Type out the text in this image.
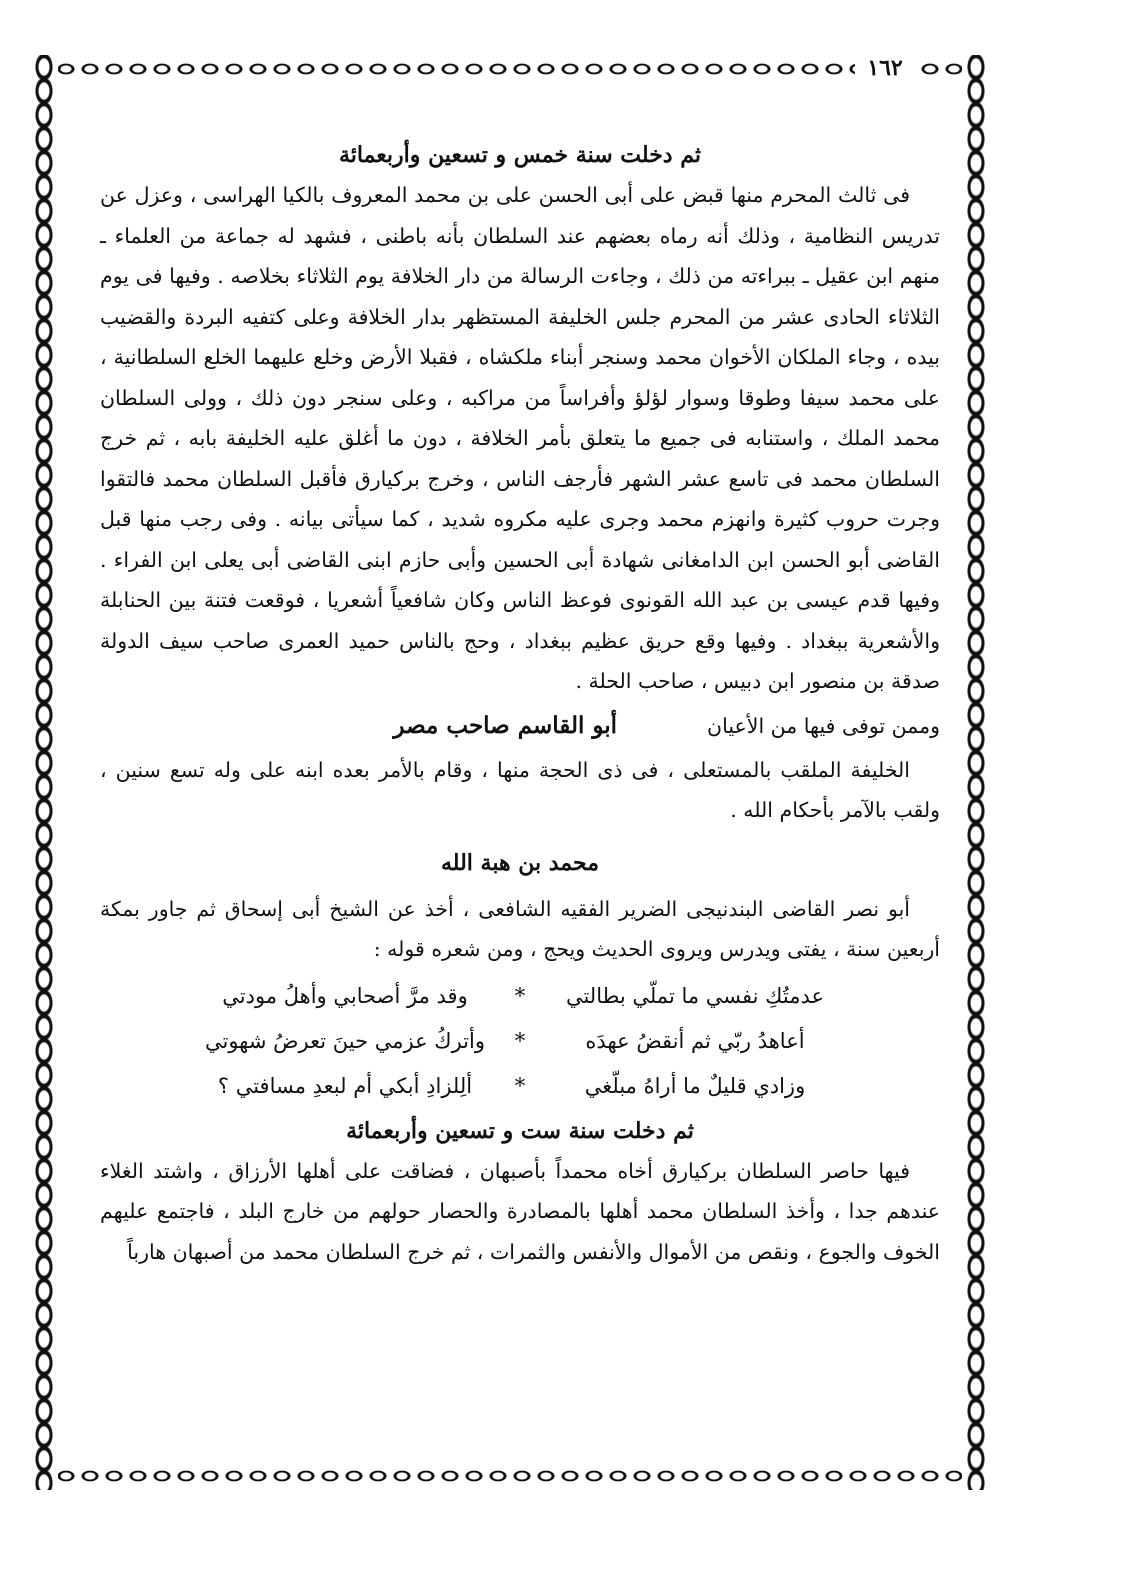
١٦٢
ثم دخلت سنة خمس و تسعين وأربعمائة

فى ثالث المحرم منها قبض على أبى الحسن على بن محمد المعروف بالكيا الهراسى ، وعزل عن تدريس النظامية ، وذلك أنه رماه بعضهم عند السلطان بأنه باطنى ، فشهد له جماعة من العلماء ـ منهم ابن عقيل ـ ببراءته من ذلك ، وجاءت الرسالة من دار الخلافة يوم الثلاثاء بخلاصه . وفيها فى يوم الثلاثاء الحادى عشر من المحرم جلس الخليفة المستظهر بدار الخلافة وعلى كتفيه البردة والقضيب بيده ، وجاء الملكان الأخوان محمد وسنجر أبناء ملكشاه ، فقبلا الأرض وخلع عليهما الخلع السلطانية ، على محمد سيفا وطوقا وسوار لؤلؤ وأفراساً من مراكبه ، وعلى سنجر دون ذلك ، وولى السلطان محمد الملك ، واستنابه فى جميع ما يتعلق بأمر الخلافة ، دون ما أغلق عليه الخليفة بابه ، ثم خرج السلطان محمد فى تاسع عشر الشهر فأرجف الناس ، وخرج بركيارق فأقبل السلطان محمد فالتقوا وجرت حروب كثيرة وانهزم محمد وجرى عليه مكروه شديد ، كما سيأتى بيانه . وفى رجب منها قبل القاضى أبو الحسن ابن الدامغانى شهادة أبى الحسين وأبى حازم ابنى القاضى أبى يعلى ابن الفراء . وفيها قدم عيسى بن عبد الله القونوى فوعظ الناس وكان شافعياً أشعريا ، فوقعت فتنة بين الحنابلة والأشعرية ببغداد . وفيها وقع حريق عظيم ببغداد ، وحج بالناس حميد العمرى صاحب سيف الدولة صدقة بن منصور ابن دبيس ، صاحب الحلة .

وممن توفى فيها من الأعيان
أبو القاسم صاحب مصر

الخليفة الملقب بالمستعلى ، فى ذى الحجة منها ، وقام بالأمر بعده ابنه على وله تسع سنين ، ولقب بالآمر بأحكام الله .

محمد بن هبة الله

أبو نصر القاضى البندنيجى الضرير الفقيه الشافعى ، أخذ عن الشيخ أبى إسحاق ثم جاور بمكة أربعين سنة ، يفتى ويدرس ويروى الحديث ويحج ، ومن شعره قوله :

عدمتُكِ نفسي ما تملّي بطالتي
*
وقد مرَّ أصحابي وأهلُ مودتي
أعاهدُ ربّي ثم أنقضُ عهدَه
*
وأتركُ عزمي حينَ تعرضُ شهوتي
وزادي قليلٌ ما أراهُ مبلّغي
*
ألِلزادِ أبكي أم لبعدِ مسافتي ؟
ثم دخلت سنة ست و تسعين وأربعمائة

فيها حاصر السلطان بركيارق أخاه محمداً بأصبهان ، فضاقت على أهلها الأرزاق ، واشتد الغلاء عندهم جدا ، وأخذ السلطان محمد أهلها بالمصادرة والحصار حولهم من خارج البلد ، فاجتمع عليهم الخوف والجوع ، ونقص من الأموال والأنفس والثمرات ، ثم خرج السلطان محمد من أصبهان هارباً
